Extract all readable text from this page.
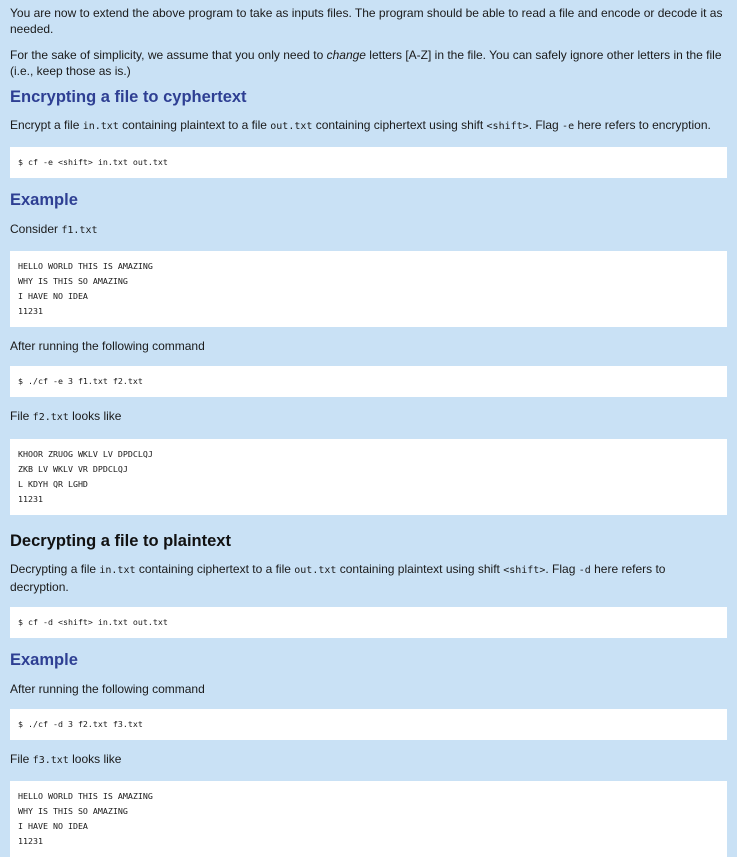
You are now to extend the above program to take as inputs files. The program should be able to read a file and encode or decode it as needed.

For the sake of simplicity, we assume that you only need to change letters [A-Z] in the file. You can safely ignore other letters in the file (i.e., keep those as is.)

Encrypting a file to cyphertext

Encrypt a file in.txt containing plaintext to a file out.txt containing ciphertext using shift <shift>. Flag -e here refers to encryption.

$ cf -e <shift> in.txt out.txt
Example

Consider f1.txt

HELLO WORLD THIS IS AMAZING
WHY IS THIS SO AMAZING
I HAVE NO IDEA
11231

After running the following command

$ ./cf -e 3 f1.txt f2.txt

File f2.txt looks like

KHOOR ZRUOG WKLV LV DPDCLQJ
ZKB LV WKLV VR DPDCLQJ
L KDYH QR LGHD
11231
Decrypting a file to plaintext

Decrypting a file in.txt containing ciphertext to a file out.txt containing plaintext using shift <shift>. Flag -d here refers to decryption.

$ cf -d <shift> in.txt out.txt
Example

After running the following command

$ ./cf -d 3 f2.txt f3.txt

File f3.txt looks like

HELLO WORLD THIS IS AMAZING
WHY IS THIS SO AMAZING
I HAVE NO IDEA
11231
